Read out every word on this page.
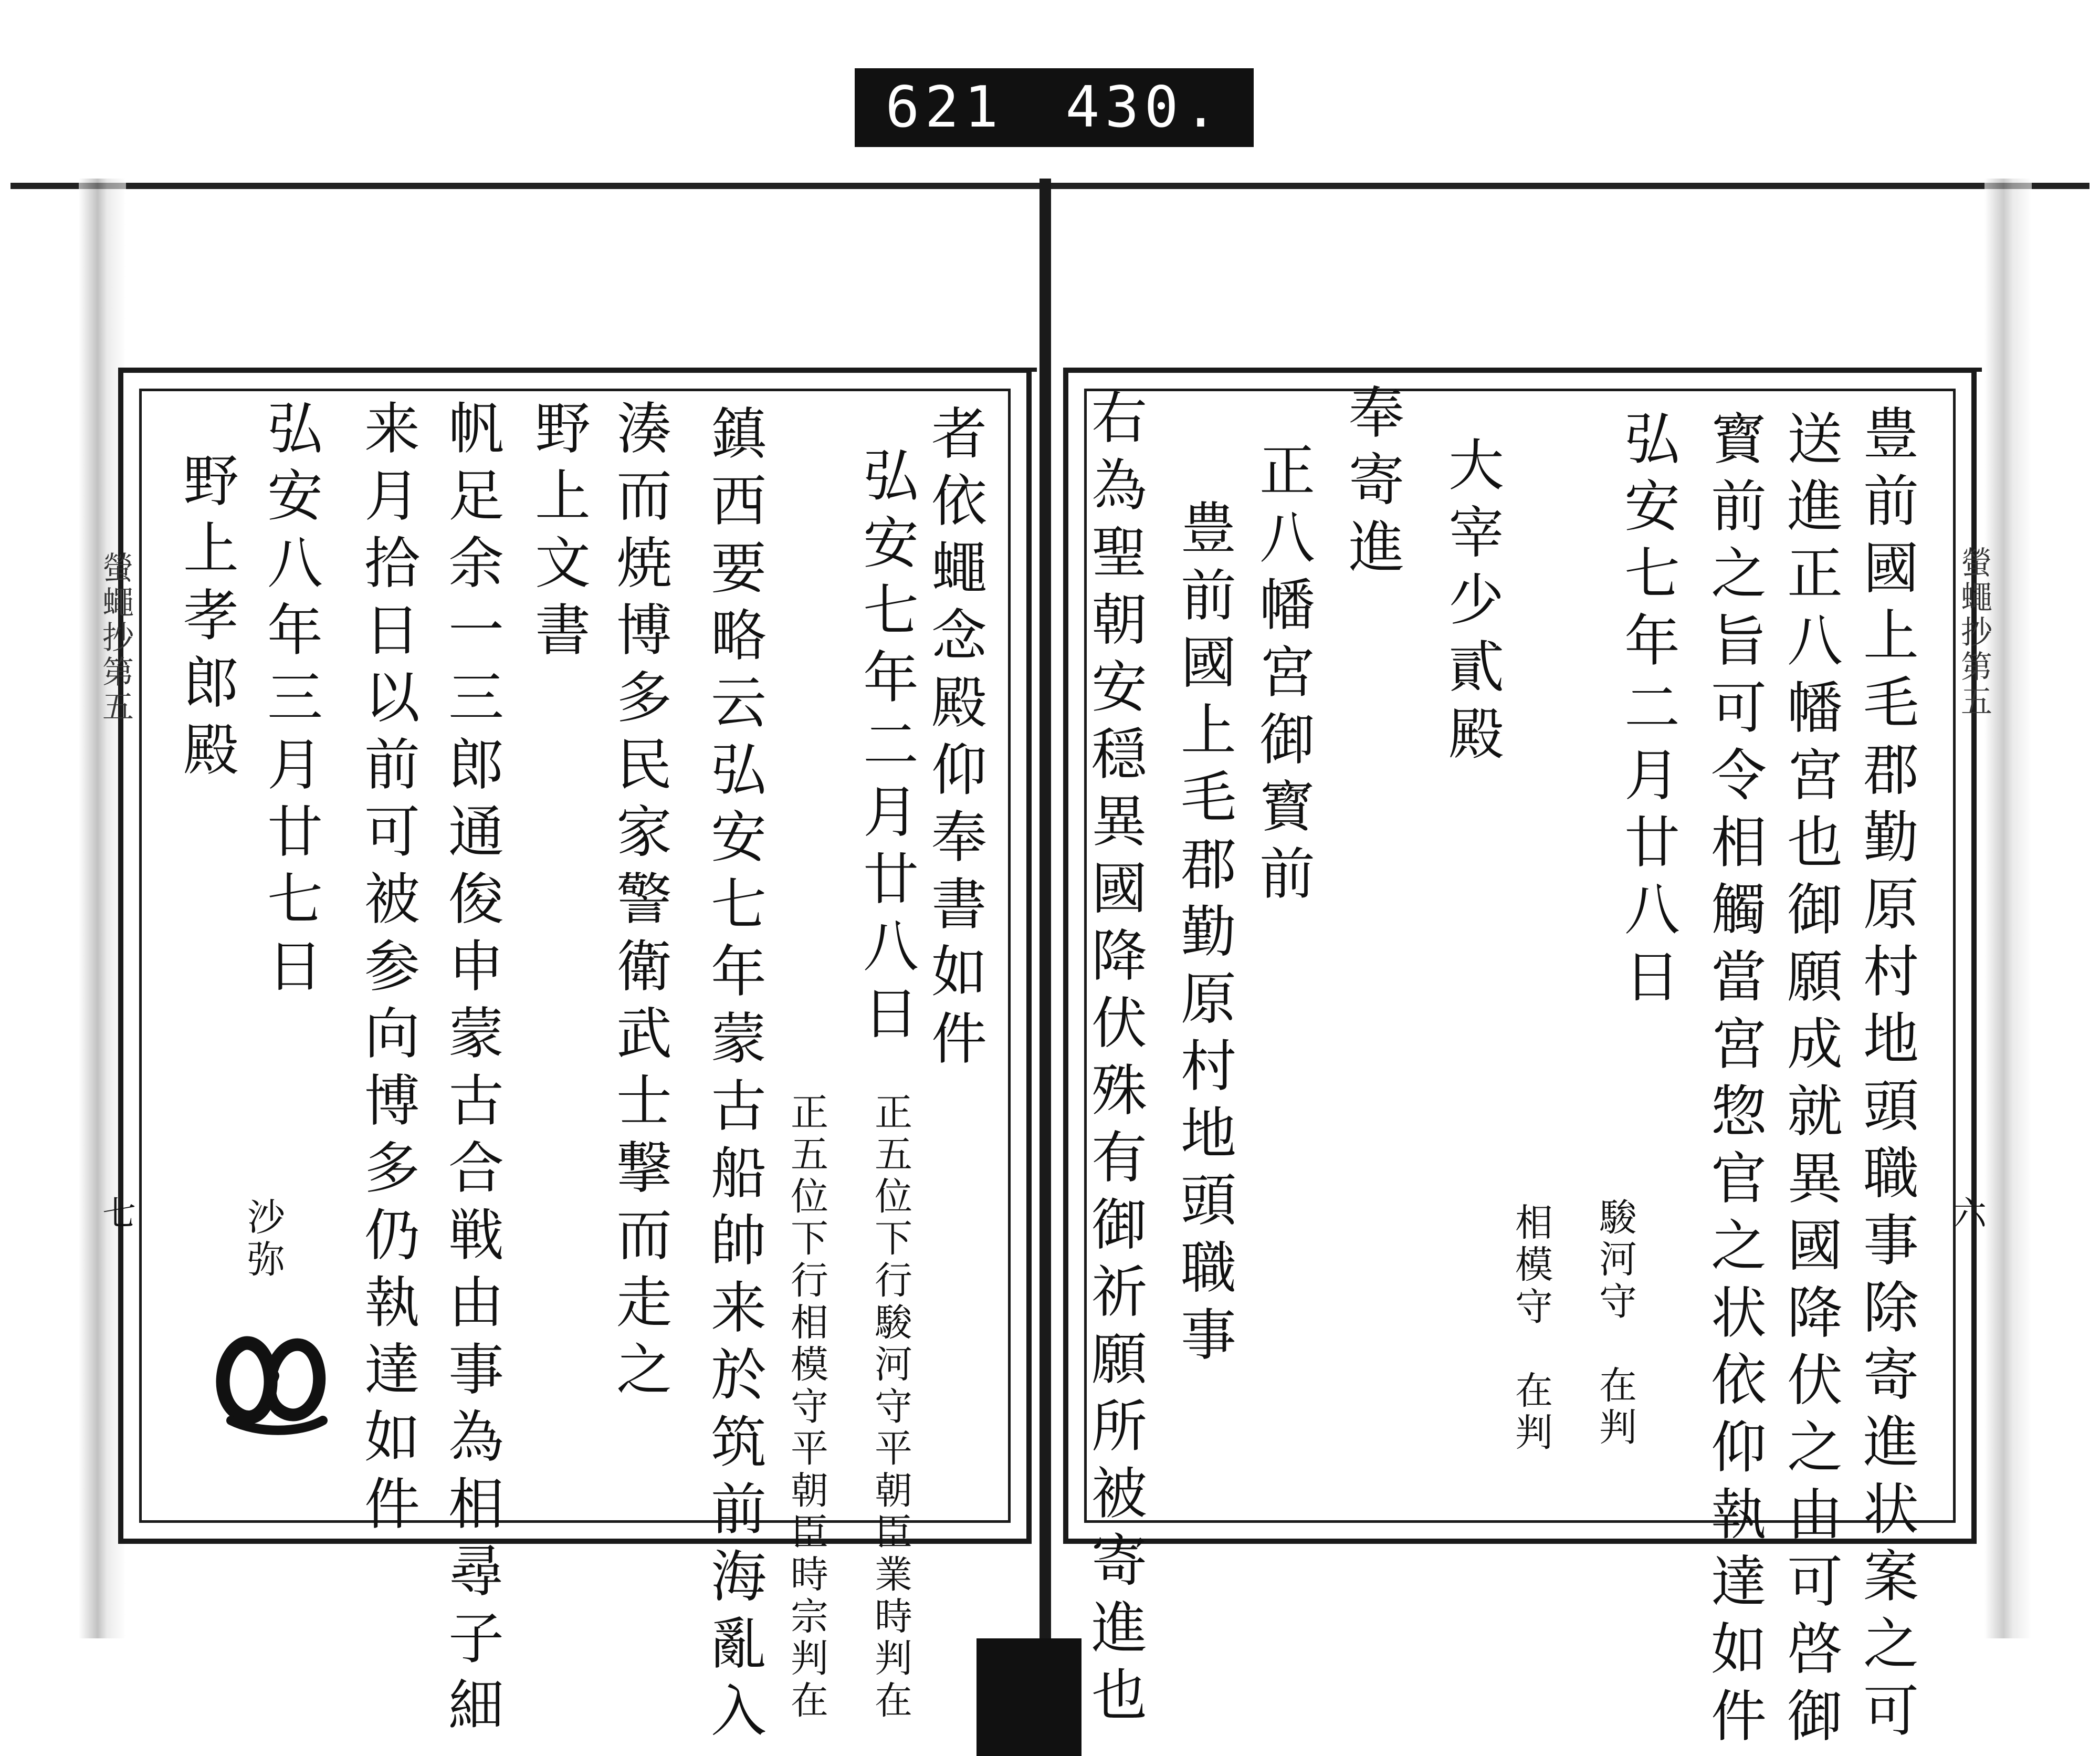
621　430.
螢蠅抄第五	螢蠅抄第五
七	六
豊前國上毛郡勤原村地頭職事除寄進状案之可
送進正八幡宮也御願成就異國降伏之由可啓御
寳前之旨可令相觸當宮惣官之状依仰執達如件
弘安七年二月廿八日
駿河守　在判
相模守　在判
大宰少貳殿
奉寄進
正八幡宮御寳前
豊前國上毛郡勤原村地頭職事
右為聖朝安穏異國降伏殊有御祈願所被寄進也
者依蠅念殿仰奉書如件
弘安七年二月廿八日
正五位下行駿河守平朝臣業時判在
正五位下行相模守平朝臣時宗判在
鎮西要略云弘安七年蒙古船帥来於筑前海亂入
湊而焼博多民家警衛武士撃而走之
野上文書
帆足余一三郎通俊申蒙古合戦由事為相尋子細
来月拾日以前可被参向博多仍執達如件
弘安八年三月廿七日
沙弥
野上孝郎殿
